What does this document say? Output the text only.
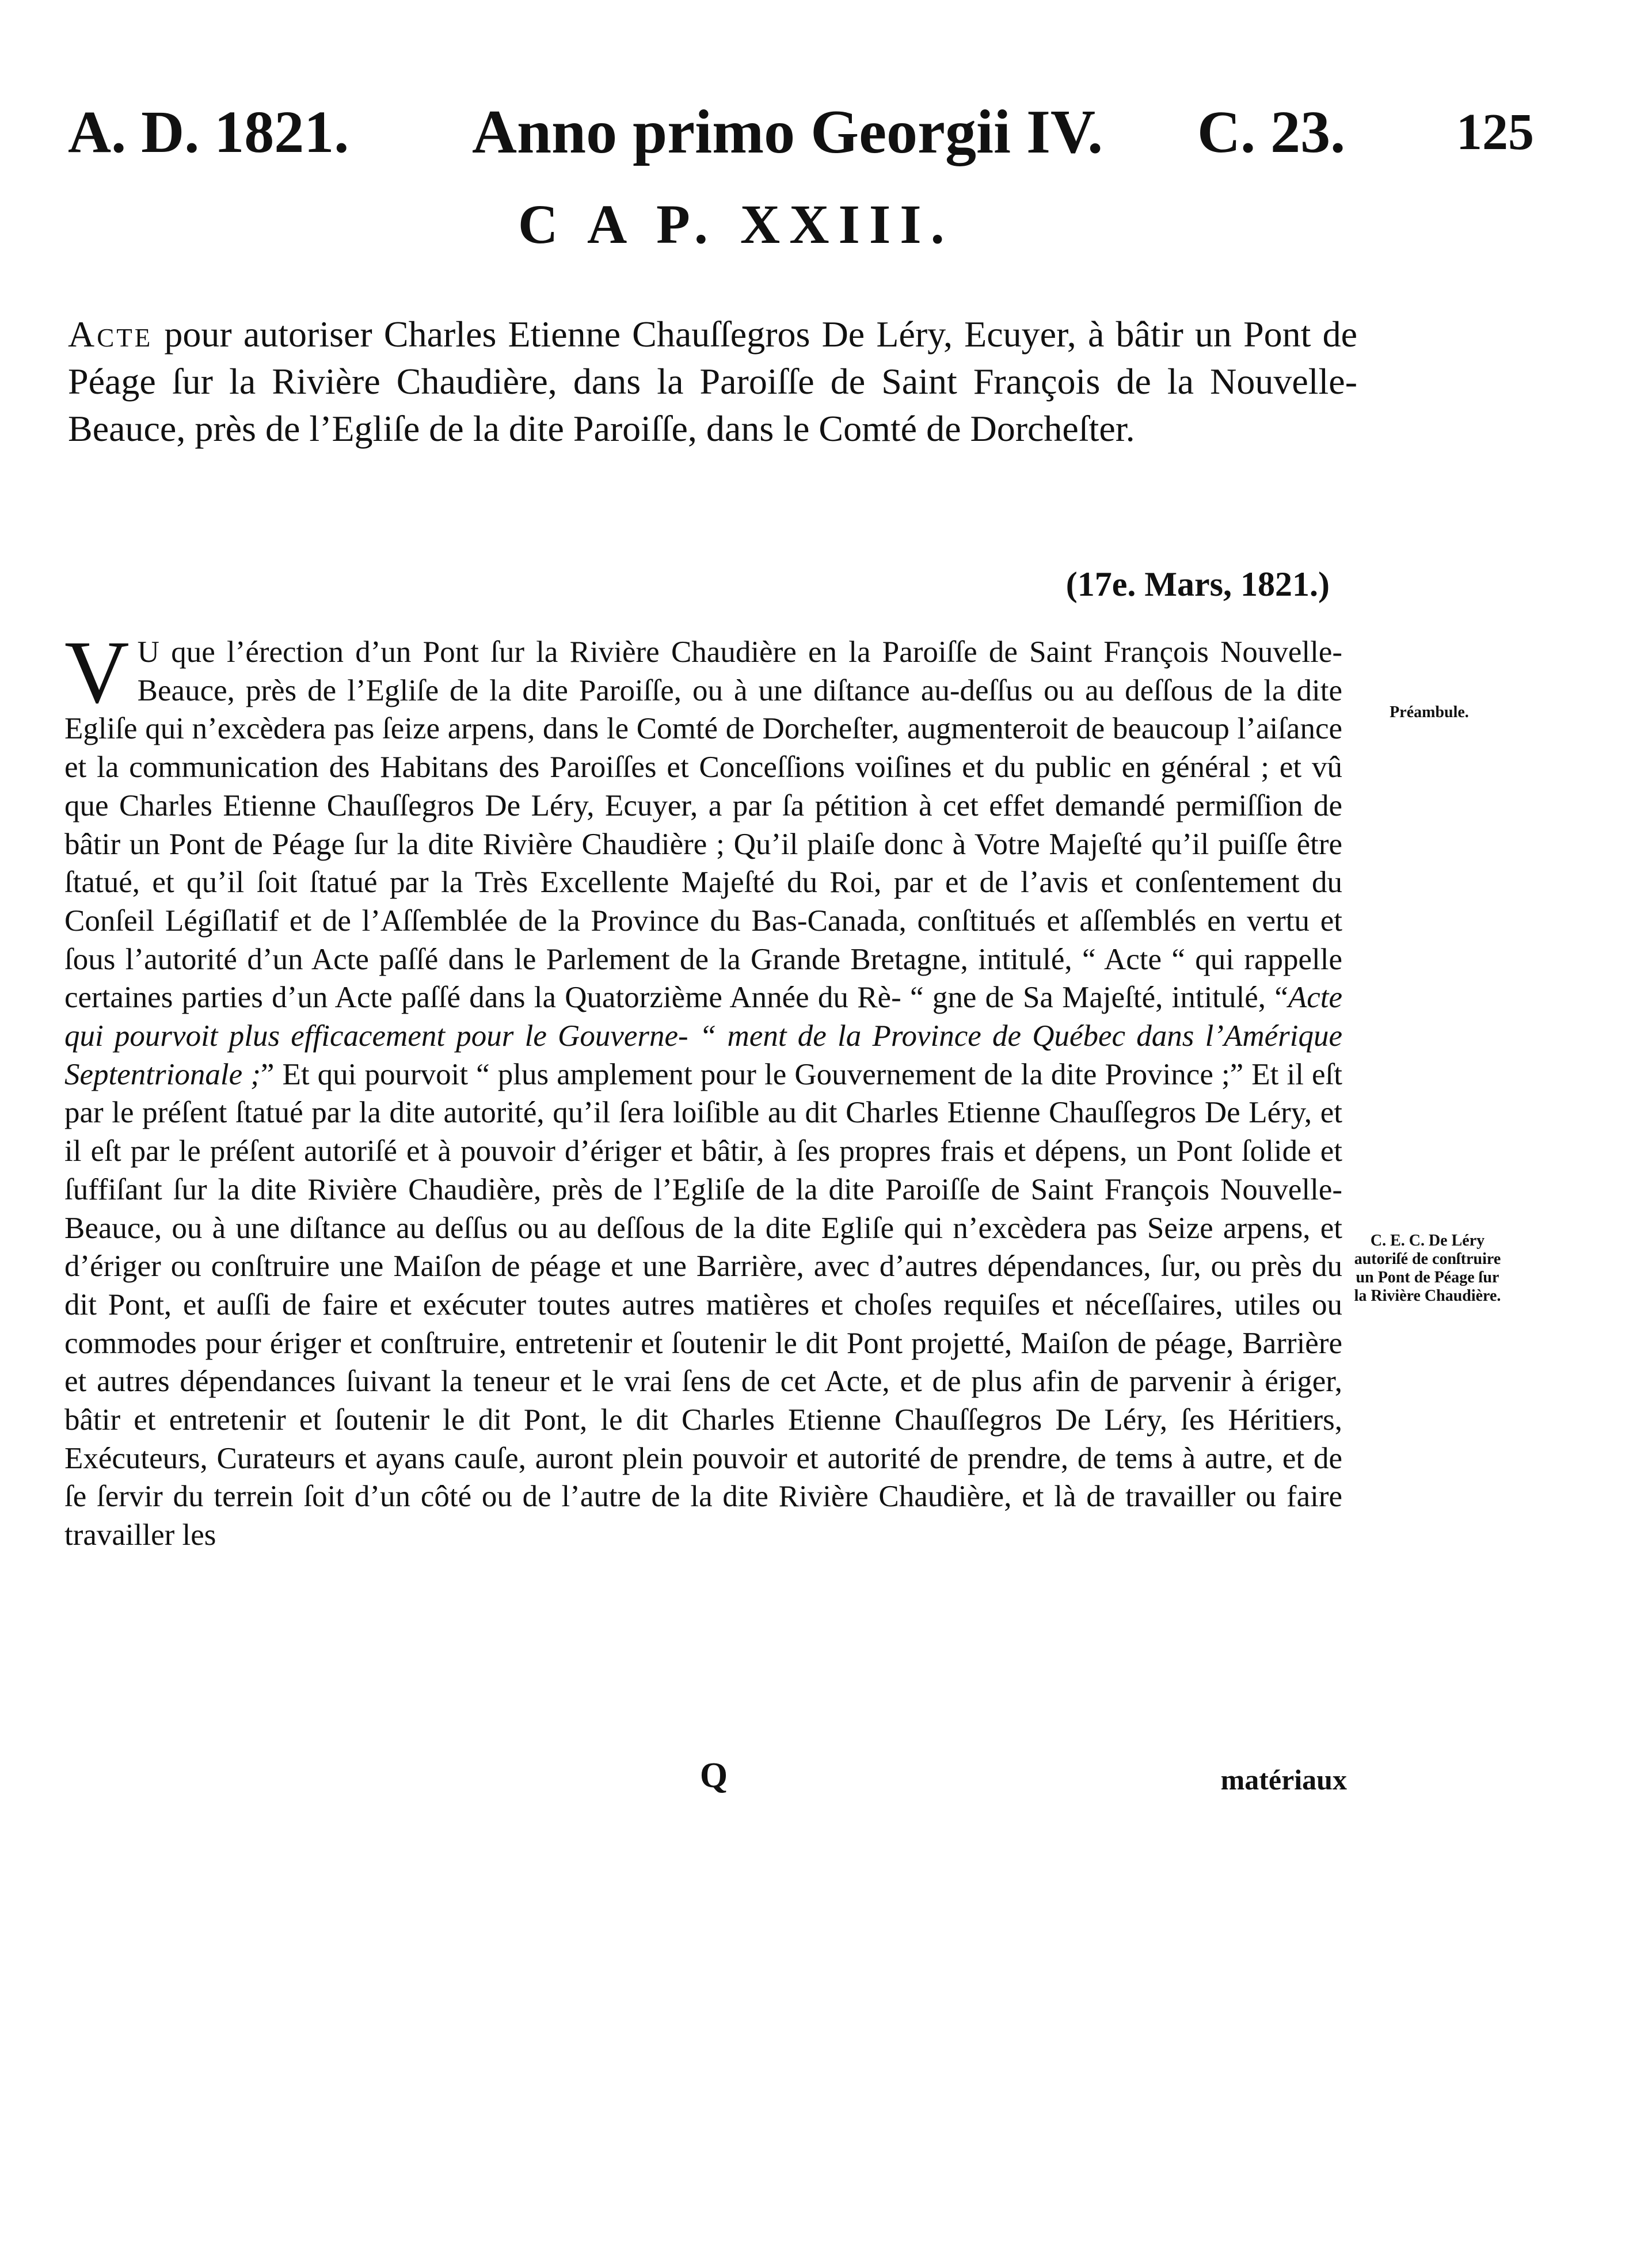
A. D. 1821. Anno primo Georgii IV. C. 23. 125
C A P. XXIII.
Acte pour autoriser Charles Etienne Chauſſegros De Léry, Ecuyer, à bâtir un Pont de Péage ſur la Rivière Chaudière, dans la Paroiſſe de Saint François de la Nouvelle-Beauce, près de l’Egliſe de la dite Paroiſſe, dans le Comté de Dorcheſter.
(17e. Mars, 1821.)
V U que l’érection d’un Pont ſur la Rivière Chaudière en la Paroiſſe de Saint François Nouvelle-Beauce, près de l’Egliſe de la dite Paroiſſe, ou à une diſtance au-deſſus ou au deſſous de la dite Egliſe qui n’excèdera pas ſeize arpens, dans le Comté de Dorcheſter, augmenteroit de beaucoup l’aiſance et la communication des Habitans des Paroiſſes et Conceſſions voiſines et du public en général ; et vû que Charles Etienne Chauſſegros De Léry, Ecuyer, a par ſa pétition à cet effet demandé permiſſion de bâtir un Pont de Péage ſur la dite Rivière Chaudière ; Qu’il plaiſe donc à Votre Majeſté qu’il puiſſe être ſtatué, et qu’il ſoit ſtatué par la Très Excellente Majeſté du Roi, par et de l’avis et conſentement du Conſeil Légiſlatif et de l’Aſſemblée de la Province du Bas-Canada, conſtitués et aſſemblés en vertu et ſous l’autorité d’un Acte paſſé dans le Parlement de la Grande Bretagne, intitulé, “ Acte “ qui rappelle certaines parties d’un Acte paſſé dans la Quatorzième Année du Rè- “ gne de Sa Majeſté, intitulé, “Acte qui pourvoit plus efficacement pour le Gouverne- “ ment de la Province de Québec dans l’Amérique Septentrionale ;” Et qui pourvoit “ plus amplement pour le Gouvernement de la dite Province ;” Et il eſt par le préſent ſtatué par la dite autorité, qu’il ſera loiſible au dit Charles Etienne Chauſſegros De Léry, et il eſt par le préſent autoriſé et à pouvoir d’ériger et bâtir, à ſes propres frais et dépens, un Pont ſolide et ſuffiſant ſur la dite Rivière Chaudière, près de l’Egliſe de la dite Paroiſſe de Saint François Nouvelle-Beauce, ou à une diſtance au deſſus ou au deſſous de la dite Egliſe qui n’excèdera pas Seize arpens, et d’ériger ou conſtruire une Maiſon de péage et une Barrière, avec d’autres dépendances, ſur, ou près du dit Pont, et auſſi de faire et exécuter toutes autres matières et choſes requiſes et néceſſaires, utiles ou commodes pour ériger et conſtruire, entretenir et ſoutenir le dit Pont projetté, Maiſon de péage, Barrière et autres dépendances ſuivant la teneur et le vrai ſens de cet Acte, et de plus afin de parvenir à ériger, bâtir et entretenir et ſoutenir le dit Pont, le dit Charles Etienne Chauſſegros De Léry, ſes Héritiers, Exécuteurs, Curateurs et ayans cauſe, auront plein pouvoir et autorité de prendre, de tems à autre, et de ſe ſervir du terrein ſoit d’un côté ou de l’autre de la dite Rivière Chaudière, et là de travailler ou faire travailler les
Préambule.
C. E. C. De Léry autoriſé de conſtruire un Pont de Péage ſur la Rivière Chaudière.
Q	matériaux
